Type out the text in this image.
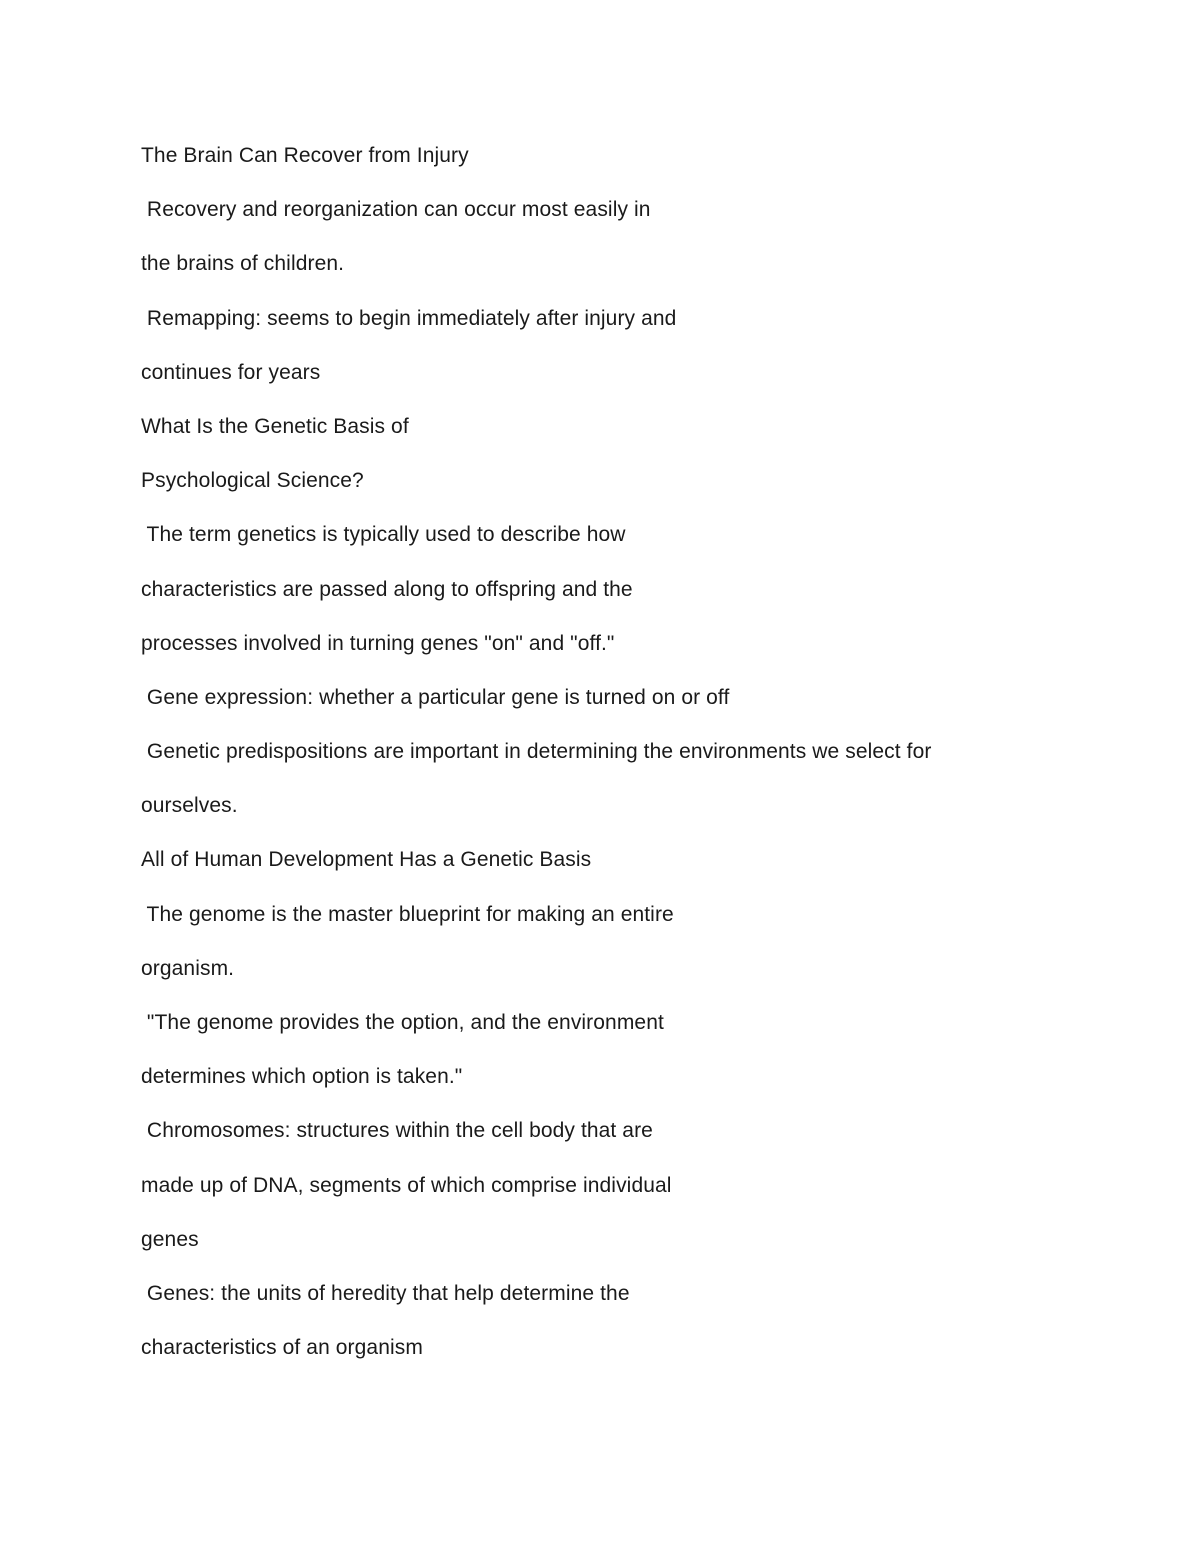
The Brain Can Recover from Injury
Recovery and reorganization can occur most easily in
the brains of children.
Remapping: seems to begin immediately after injury and
continues for years
What Is the Genetic Basis of
Psychological Science?
The term genetics is typically used to describe how
characteristics are passed along to offspring and the
processes involved in turning genes "on" and "off."
Gene expression: whether a particular gene is turned on or off
Genetic predispositions are important in determining the environments we select for
ourselves.
All of Human Development Has a Genetic Basis
The genome is the master blueprint for making an entire
organism.
"The genome provides the option, and the environment
determines which option is taken."
Chromosomes: structures within the cell body that are
made up of DNA, segments of which comprise individual
genes
Genes: the units of heredity that help determine the
characteristics of an organism
